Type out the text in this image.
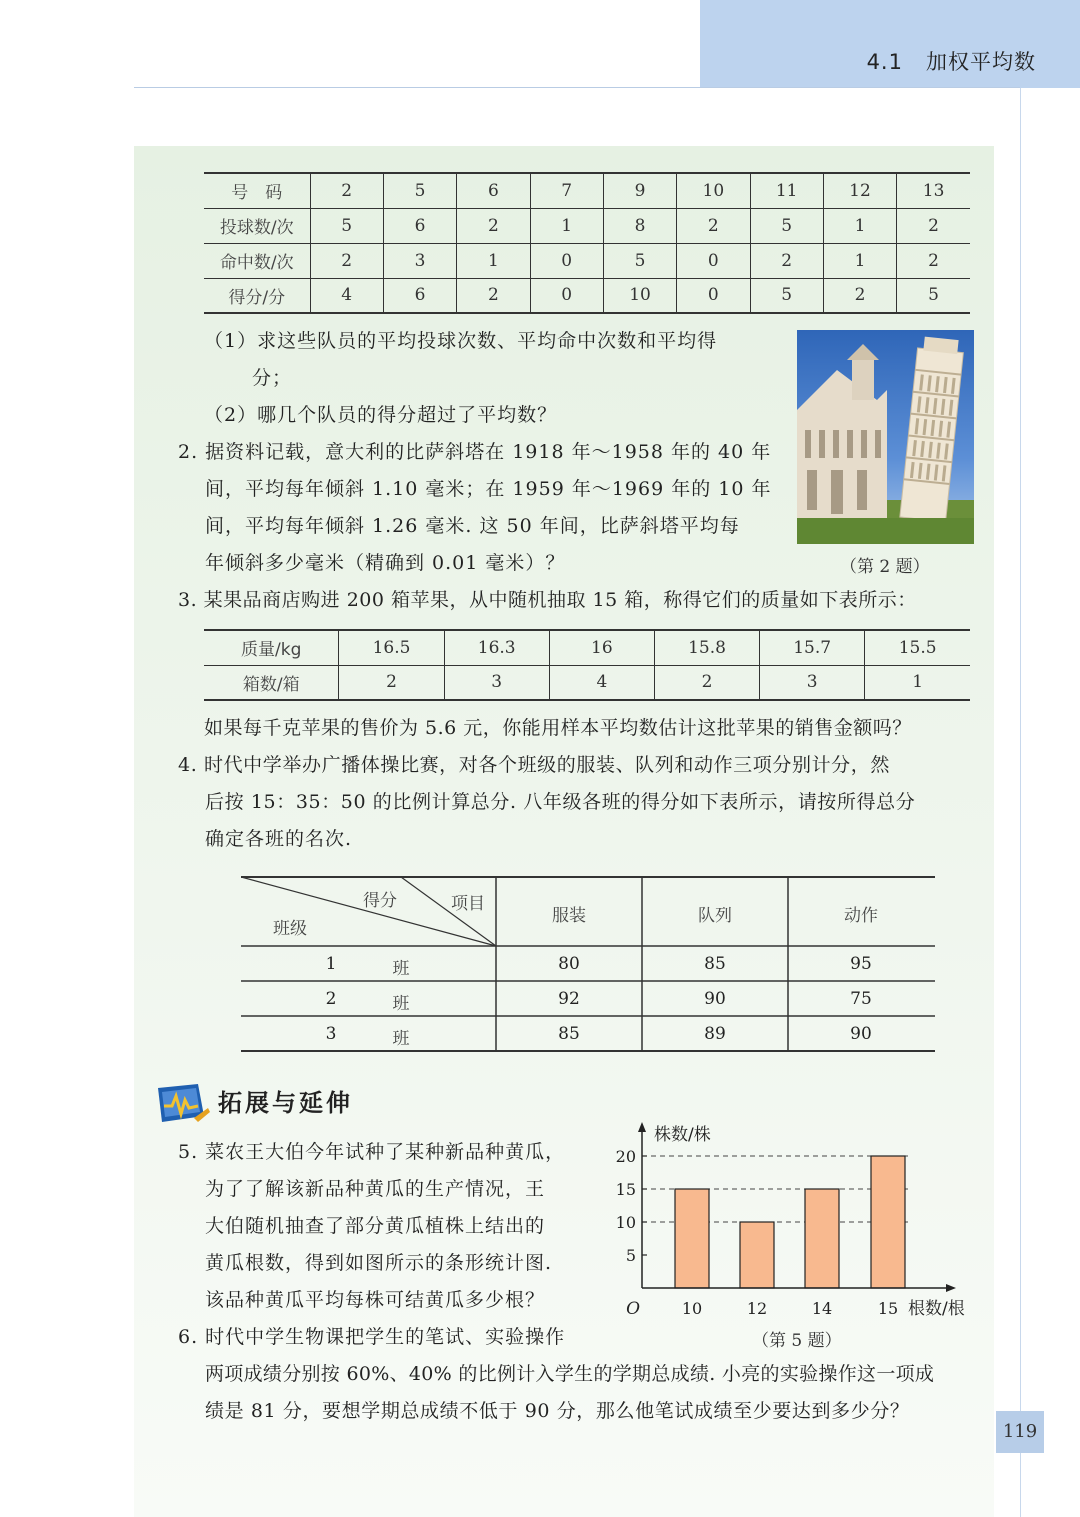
4.1 加权平均数
号　码	2	5	6	7	9	10	11	12	13
投球数/次	5	6	2	1	8	2	5	1	2
命中数/次	2	3	1	0	5	0	2	1	2
得分/分	4	6	2	0	10	0	5	2	5
（1）求这些队员的平均投球次数、平均命中次数和平均得
分；
（2）哪几个队员的得分超过了平均数？
2. 据资料记载，意大利的比萨斜塔在 1918 年～1958 年的 40 年
间，平均每年倾斜 1.10 毫米；在 1959 年～1969 年的 10 年
间，平均每年倾斜 1.26 毫米. 这 50 年间，比萨斜塔平均每
年倾斜多少毫米（精确到 0.01 毫米）？	（第 2 题）
3. 某果品商店购进 200 箱苹果，从中随机抽取 15 箱，称得它们的质量如下表所示：
质量/kg	16.5	16.3	16	15.8	15.7	15.5
箱数/箱	2	3	4	2	3	1
如果每千克苹果的售价为 5.6 元，你能用样本平均数估计这批苹果的销售金额吗？
4. 时代中学举办广播体操比赛，对各个班级的服装、队列和动作三项分别计分，然
后按 15：35：50 的比例计算总分. 八年级各班的得分如下表所示，请按所得总分
确定各班的名次.
得分	项目
班级
服装	队列	动作
1	班	80	85	95
2	班	92	90	75
3	班	85	89	90
拓展与延伸
5. 菜农王大伯今年试种了某种新品种黄瓜，
为了了解该新品种黄瓜的生产情况，王
大伯随机抽查了部分黄瓜植株上结出的
黄瓜根数，得到如图所示的条形统计图.
该品种黄瓜平均每株可结黄瓜多少根？
5
10
15
20
10	12	14	15
O	根数/根
株数/株
（第 5 题）
6. 时代中学生物课把学生的笔试、实验操作
两项成绩分别按 60%、40% 的比例计入学生的学期总成绩. 小亮的实验操作这一项成
绩是 81 分，要想学期总成绩不低于 90 分，那么他笔试成绩至少要达到多少分？
119
